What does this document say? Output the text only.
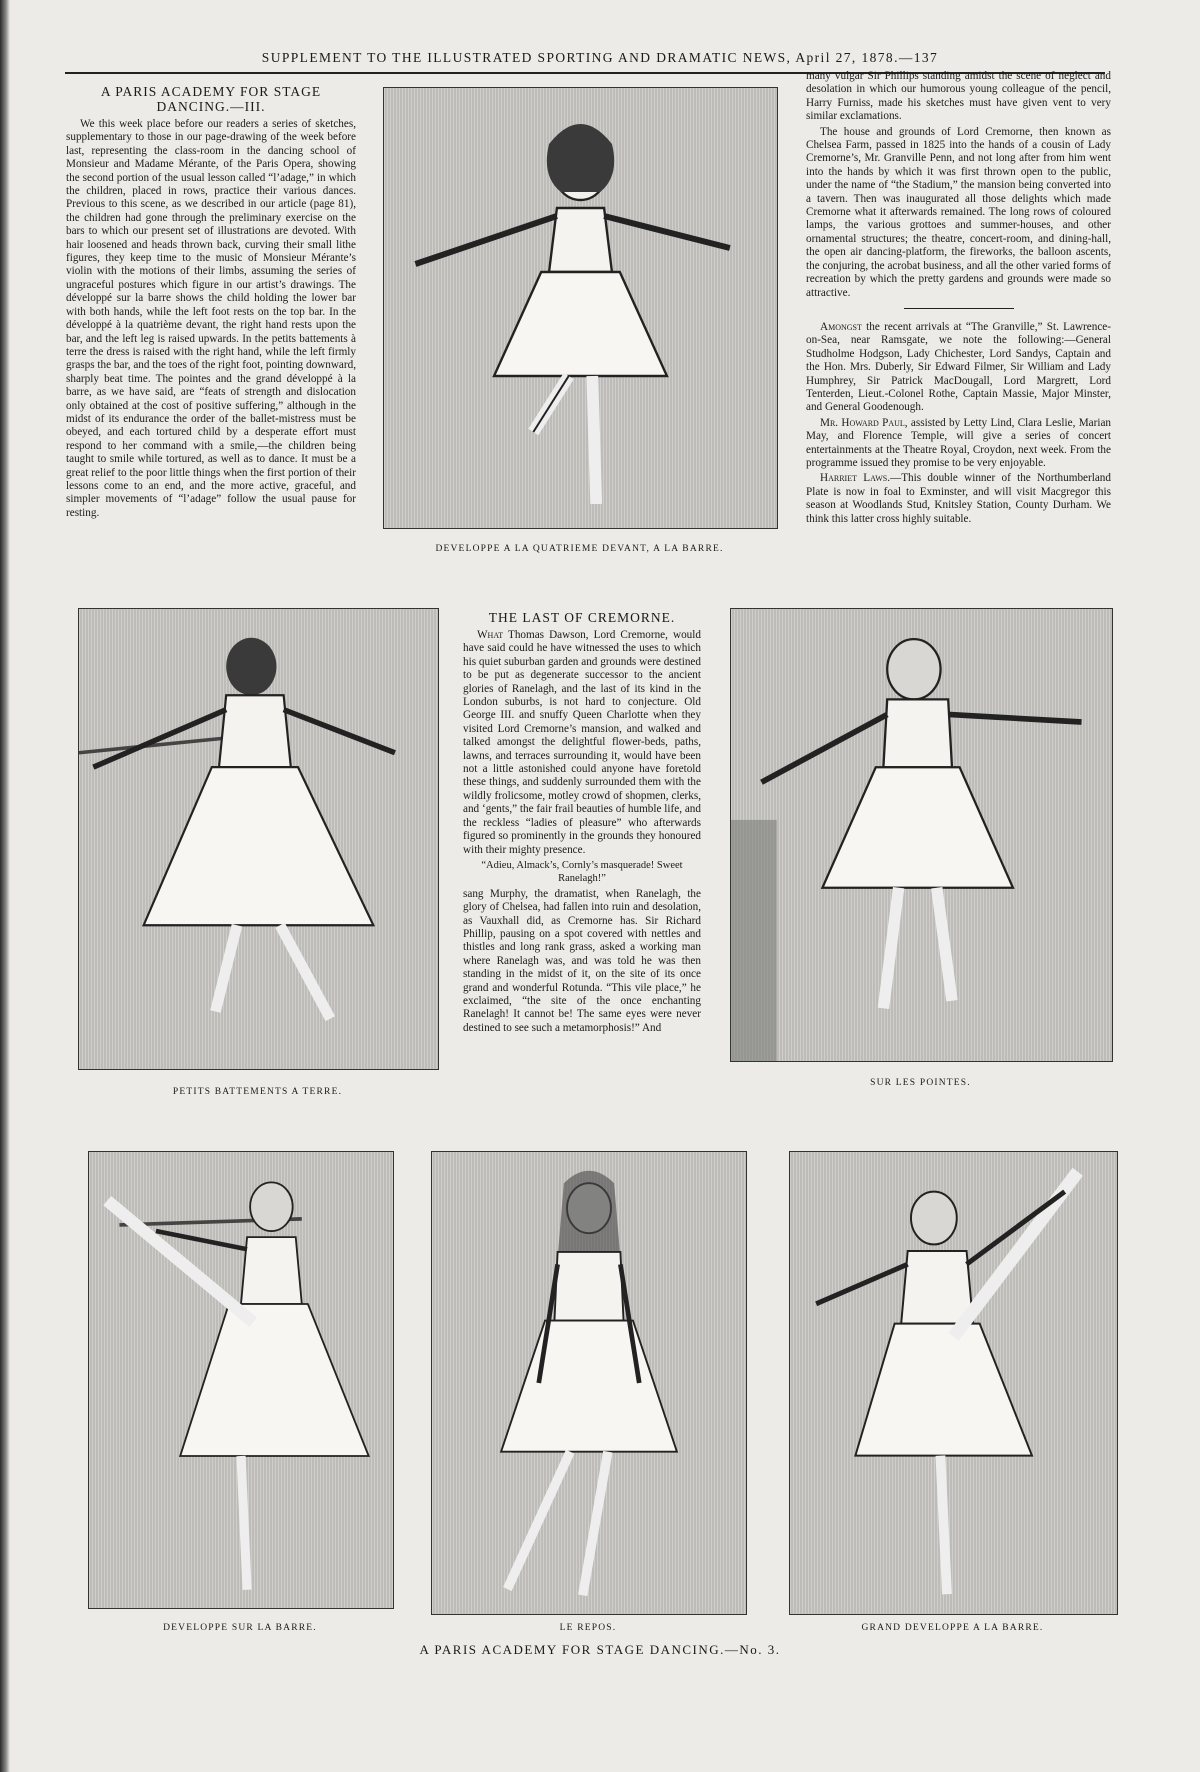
SUPPLEMENT TO THE ILLUSTRATED SPORTING AND DRAMATIC NEWS, April 27, 1878.—137
A PARIS ACADEMY FOR STAGE
DANCING.—III.

We this week place before our readers a series of sketches, supplementary to those in our page-drawing of the week before last, representing the class-room in the dancing school of Monsieur and Madame Mérante, of the Paris Opera, showing the second portion of the usual lesson called “l’adage,” in which the children, placed in rows, practice their various dances. Previous to this scene, as we described in our article (page 81), the children had gone through the preliminary exercise on the bars to which our present set of illustrations are devoted. With hair loosened and heads thrown back, curving their small lithe figures, they keep time to the music of Monsieur Mérante’s violin with the motions of their limbs, assuming the series of ungraceful postures which figure in our artist’s drawings. The développé sur la barre shows the child holding the lower bar with both hands, while the left foot rests on the top bar. In the développé à la quatrième devant, the right hand rests upon the bar, and the left leg is raised upwards. In the petits battements à terre the dress is raised with the right hand, while the left firmly grasps the bar, and the toes of the right foot, pointing downward, sharply beat time. The pointes and the grand développé à la barre, as we have said, are “feats of strength and dislocation only obtained at the cost of positive suffering,” although in the midst of its endurance the order of the ballet-mistress must be obeyed, and each tortured child by a desperate effort must respond to her command with a smile,—the children being taught to smile while tortured, as well as to dance. It must be a great relief to the poor little things when the first portion of their lessons come to an end, and the more active, graceful, and simpler movements of “l’adage” follow the usual pause for resting.

DEVELOPPE A LA QUATRIEME DEVANT, A LA BARRE.

many vulgar Sir Phillips standing amidst the scene of neglect and desolation in which our humorous young colleague of the pencil, Harry Furniss, made his sketches must have given vent to very similar exclamations.

The house and grounds of Lord Cremorne, then known as Chelsea Farm, passed in 1825 into the hands of a cousin of Lady Cremorne’s, Mr. Granville Penn, and not long after from him went into the hands by which it was first thrown open to the public, under the name of “the Stadium,” the mansion being converted into a tavern. Then was inaugurated all those delights which made Cremorne what it afterwards remained. The long rows of coloured lamps, the various grottoes and summer-houses, and other ornamental structures; the theatre, concert-room, and dining-hall, the open air dancing-platform, the fireworks, the balloon ascents, the conjuring, the acrobat business, and all the other varied forms of recreation by which the pretty gardens and grounds were made so attractive.

Amongst the recent arrivals at “The Granville,” St. Lawrence-on-Sea, near Ramsgate, we note the following:—General Studholme Hodgson, Lady Chichester, Lord Sandys, Captain and the Hon. Mrs. Duberly, Sir Edward Filmer, Sir William and Lady Humphrey, Sir Patrick MacDougall, Lord Margrett, Lord Tenterden, Lieut.-Colonel Rothe, Captain Massie, Major Minster, and General Goodenough.

Mr. Howard Paul, assisted by Letty Lind, Clara Leslie, Marian May, and Florence Temple, will give a series of concert entertainments at the Theatre Royal, Croydon, next week. From the programme issued they promise to be very enjoyable.

Harriet Laws.—This double winner of the Northumberland Plate is now in foal to Exminster, and will visit Macgregor this season at Woodlands Stud, Knitsley Station, County Durham. We think this latter cross highly suitable.

PETITS BATTEMENTS A TERRE.
THE LAST OF CREMORNE.

What Thomas Dawson, Lord Cremorne, would have said could he have witnessed the uses to which his quiet suburban garden and grounds were destined to be put as degenerate successor to the ancient glories of Ranelagh, and the last of its kind in the London suburbs, is not hard to conjecture. Old George III. and snuffy Queen Charlotte when they visited Lord Cremorne’s mansion, and walked and talked amongst the delightful flower-beds, paths, lawns, and terraces surrounding it, would have been not a little astonished could anyone have foretold these things, and suddenly surrounded them with the wildly frolicsome, motley crowd of shopmen, clerks, and ‘gents,” the fair frail beauties of humble life, and the reckless “ladies of pleasure” who afterwards figured so prominently in the grounds they honoured with their mighty presence.

“Adieu, Almack’s, Cornly’s masquerade! Sweet Ranelagh!”

sang Murphy, the dramatist, when Ranelagh, the glory of Chelsea, had fallen into ruin and desolation, as Vauxhall did, as Cremorne has. Sir Richard Phillip, pausing on a spot covered with nettles and thistles and long rank grass, asked a working man where Ranelagh was, and was told he was then standing in the midst of it, on the site of its once grand and wonderful Rotunda. “This vile place,” he exclaimed, “the site of the once enchanting Ranelagh! It cannot be! The same eyes were never destined to see such a metamorphosis!” And

SUR LES POINTES.
DEVELOPPE SUR LA BARRE.	LE REPOS.	GRAND DEVELOPPE A LA BARRE.
A PARIS ACADEMY FOR STAGE DANCING.—No. 3.
